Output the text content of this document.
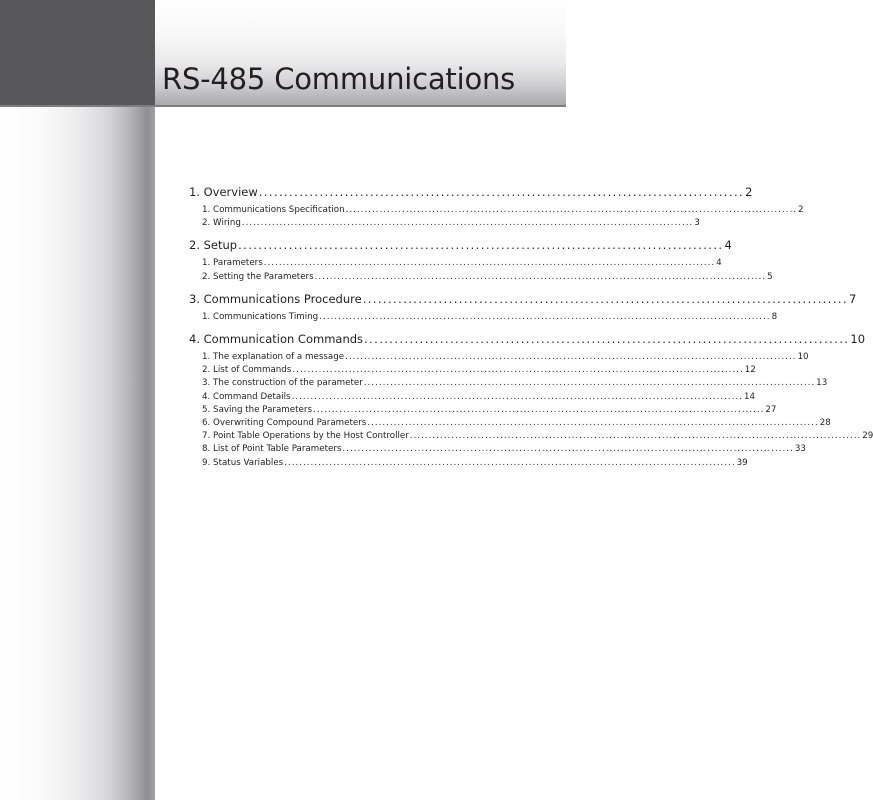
RS-485 Communications
1. Overview ................................................................................................ 2
1. Communications Specification ........................................................................................................................ 2
2. Wiring ........................................................................................................................ 3
2. Setup ................................................................................................ 4
1. Parameters ........................................................................................................................ 4
2. Setting the Parameters ........................................................................................................................ 5
3. Communications Procedure ................................................................................................ 7
1. Communications Timing ........................................................................................................................ 8
4. Communication Commands ................................................................................................ 10
1. The explanation of a message ........................................................................................................................ 10
2. List of Commands ........................................................................................................................ 12
3. The construction of the parameter ........................................................................................................................ 13
4. Command Details ........................................................................................................................ 14
5. Saving the Parameters ........................................................................................................................ 27
6. Overwriting Compound Parameters ........................................................................................................................ 28
7. Point Table Operations by the Host Controller ........................................................................................................................ 29
8. List of Point Table Parameters ........................................................................................................................ 33
9. Status Variables ........................................................................................................................ 39
